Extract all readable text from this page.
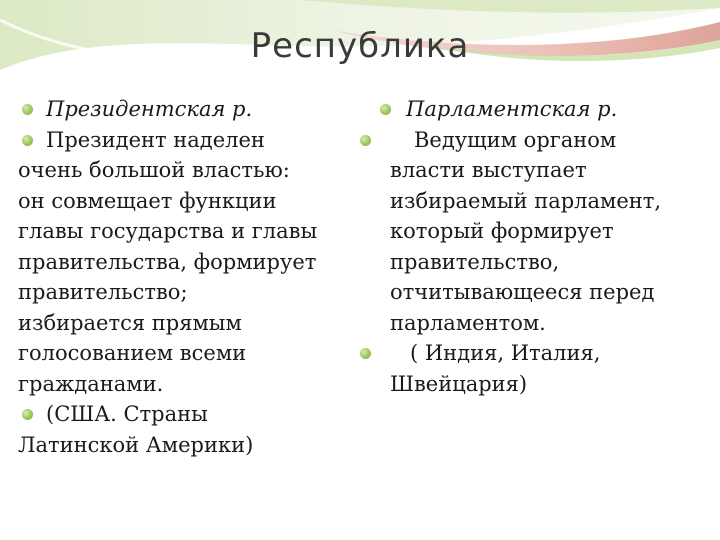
Республика
Президентская р.
Президент наделен
очень большой властью:
он совмещает функции
главы государства и главы
правительства, формирует
правительство;
избирается прямым
голосованием всеми
гражданами.
(США. Страны
Латинской Америки)
Парламентская р.
Ведущим органом
власти выступает
избираемый парламент,
который формирует
правительство,
отчитывающееся перед
парламентом.
( Индия, Италия,
Швейцария)
